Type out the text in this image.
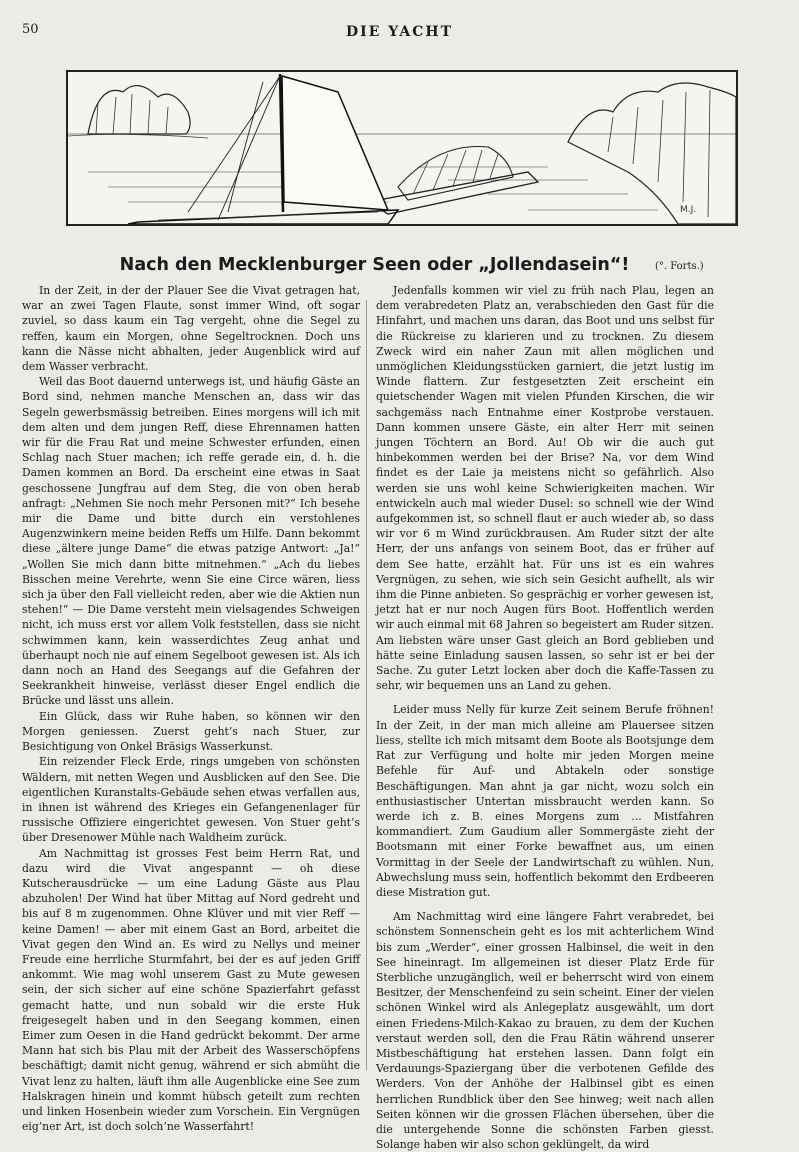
50	DIE YACHT
M.J.
Nach den Mecklenburger Seen oder „Jollendasein“!	(°. Forts.)

In der Zeit, in der der Plauer See die Vivat getragen hat, war an zwei Tagen Flaute, sonst immer Wind, oft sogar zuviel, so dass kaum ein Tag vergeht, ohne die Segel zu reffen, kaum ein Morgen, ohne Segeltrocknen. Doch uns kann die Nässe nicht abhalten, jeder Augenblick wird auf dem Wasser verbracht.

Weil das Boot dauernd unterwegs ist, und häufig Gäste an Bord sind, nehmen manche Menschen an, dass wir das Segeln gewerbsmässig betreiben. Eines morgens will ich mit dem alten und dem jungen Reff, diese Ehrennamen hatten wir für die Frau Rat und meine Schwester erfunden, einen Schlag nach Stuer machen; ich reffe gerade ein, d. h. die Damen kommen an Bord. Da erscheint eine etwas in Saat geschossene Jungfrau auf dem Steg, die von oben herab anfragt: „Nehmen Sie noch mehr Personen mit?“ Ich besehe mir die Dame und bitte durch ein verstohlenes Augenzwinkern meine beiden Reffs um Hilfe. Dann bekommt diese „ältere junge Dame“ die etwas patzige Antwort: „Ja!“ „Wollen Sie mich dann bitte mitnehmen.“ „Ach du liebes Bisschen meine Verehrte, wenn Sie eine Circe wären, liess sich ja über den Fall vielleicht reden, aber wie die Aktien nun stehen!“ — Die Dame versteht mein vielsagendes Schweigen nicht, ich muss erst vor allem Volk feststellen, dass sie nicht schwimmen kann, kein wasserdichtes Zeug anhat und überhaupt noch nie auf einem Segelboot gewesen ist. Als ich dann noch an Hand des Seegangs auf die Gefahren der Seekrankheit hinweise, verlässt dieser Engel endlich die Brücke und lässt uns allein.

Ein Glück, dass wir Ruhe haben, so können wir den Morgen geniessen. Zuerst geht’s nach Stuer, zur Besichtigung von Onkel Bräsigs Wasserkunst.

Ein reizender Fleck Erde, rings umgeben von schönsten Wäldern, mit netten Wegen und Ausblicken auf den See. Die eigentlichen Kuranstalts-Gebäude sehen etwas verfallen aus, in ihnen ist während des Krieges ein Gefangenenlager für russische Offiziere eingerichtet gewesen. Von Stuer geht’s über Dresenower Mühle nach Waldheim zurück.

Am Nachmittag ist grosses Fest beim Herrn Rat, und dazu wird die Vivat angespannt — oh diese Kutscherausdrücke — um eine Ladung Gäste aus Plau abzuholen! Der Wind hat über Mittag auf Nord gedreht und bis auf 8 m zugenommen. Ohne Klüver und mit vier Reff — keine Damen! — aber mit einem Gast an Bord, arbeitet die Vivat gegen den Wind an. Es wird zu Nellys und meiner Freude eine herrliche Sturmfahrt, bei der es auf jeden Griff ankommt. Wie mag wohl unserem Gast zu Mute gewesen sein, der sich sicher auf eine schöne Spazierfahrt gefasst gemacht hatte, und nun sobald wir die erste Huk freigesegelt haben und in den Seegang kommen, einen Eimer zum Oesen in die Hand gedrückt bekommt. Der arme Mann hat sich bis Plau mit der Arbeit des Wasserschöpfens beschäftigt; damit nicht genug, während er sich abmüht die Vivat lenz zu halten, läuft ihm alle Augenblicke eine See zum Halskragen hinein und kommt hübsch geteilt zum rechten und linken Hosenbein wieder zum Vorschein. Ein Vergnügen eig’ner Art, ist doch solch’ne Wasserfahrt!

Jedenfalls kommen wir viel zu früh nach Plau, legen an dem verabredeten Platz an, verabschieden den Gast für die Hinfahrt, und machen uns daran, das Boot und uns selbst für die Rückreise zu klarieren und zu trocknen. Zu diesem Zweck wird ein naher Zaun mit allen möglichen und unmöglichen Kleidungsstücken garniert, die jetzt lustig im Winde flattern. Zur festgesetzten Zeit erscheint ein quietschender Wagen mit vielen Pfunden Kirschen, die wir sachgemäss nach Entnahme einer Kostprobe verstauen. Dann kommen unsere Gäste, ein alter Herr mit seinen jungen Töchtern an Bord. Au! Ob wir die auch gut hinbekommen werden bei der Brise? Na, vor dem Wind findet es der Laie ja meistens nicht so gefährlich. Also werden sie uns wohl keine Schwierigkeiten machen. Wir entwickeln auch mal wieder Dusel: so schnell wie der Wind aufgekommen ist, so schnell flaut er auch wieder ab, so dass wir vor 6 m Wind zurückbrausen. Am Ruder sitzt der alte Herr, der uns anfangs von seinem Boot, das er früher auf dem See hatte, erzählt hat. Für uns ist es ein wahres Vergnügen, zu sehen, wie sich sein Gesicht aufhellt, als wir ihm die Pinne anbieten. So gesprächig er vorher gewesen ist, jetzt hat er nur noch Augen fürs Boot. Hoffentlich werden wir auch einmal mit 68 Jahren so begeistert am Ruder sitzen. Am liebsten wäre unser Gast gleich an Bord geblieben und hätte seine Einladung sausen lassen, so sehr ist er bei der Sache. Zu guter Letzt locken aber doch die Kaffe-Tassen zu sehr, wir bequemen uns an Land zu gehen.

Leider muss Nelly für kurze Zeit seinem Berufe fröhnen! In der Zeit, in der man mich alleine am Plauersee sitzen liess, stellte ich mich mitsamt dem Boote als Bootsjunge dem Rat zur Verfügung und holte mir jeden Morgen meine Befehle für Auf- und Abtakeln oder sonstige Beschäftigungen. Man ahnt ja gar nicht, wozu solch ein enthusiastischer Untertan missbraucht werden kann. So werde ich z. B. eines Morgens zum ... Mistfahren kommandiert. Zum Gaudium aller Sommergäste zieht der Bootsmann mit einer Forke bewaffnet aus, um einen Vormittag in der Seele der Landwirtschaft zu wühlen. Nun, Abwechslung muss sein, hoffentlich bekommt den Erdbeeren diese Mistration gut.

Am Nachmittag wird eine längere Fahrt verabredet, bei schönstem Sonnenschein geht es los mit achterlichem Wind bis zum „Werder“, einer grossen Halbinsel, die weit in den See hineinragt. Im allgemeinen ist dieser Platz Erde für Sterbliche unzugänglich, weil er beherrscht wird von einem Besitzer, der Menschenfeind zu sein scheint. Einer der vielen schönen Winkel wird als Anlegeplatz ausgewählt, um dort einen Friedens-Milch-Kakao zu brauen, zu dem der Kuchen verstaut werden soll, den die Frau Rätin während unserer Mistbeschäftigung hat erstehen lassen. Dann folgt ein Verdauungs-Spaziergang über die verbotenen Gefilde des Werders. Von der Anhöhe der Halbinsel gibt es einen herrlichen Rundblick über den See hinweg; weit nach allen Seiten können wir die grossen Flächen übersehen, über die die untergehende Sonne die schönsten Farben giesst. Solange haben wir also schon geklüngelt, da wird
